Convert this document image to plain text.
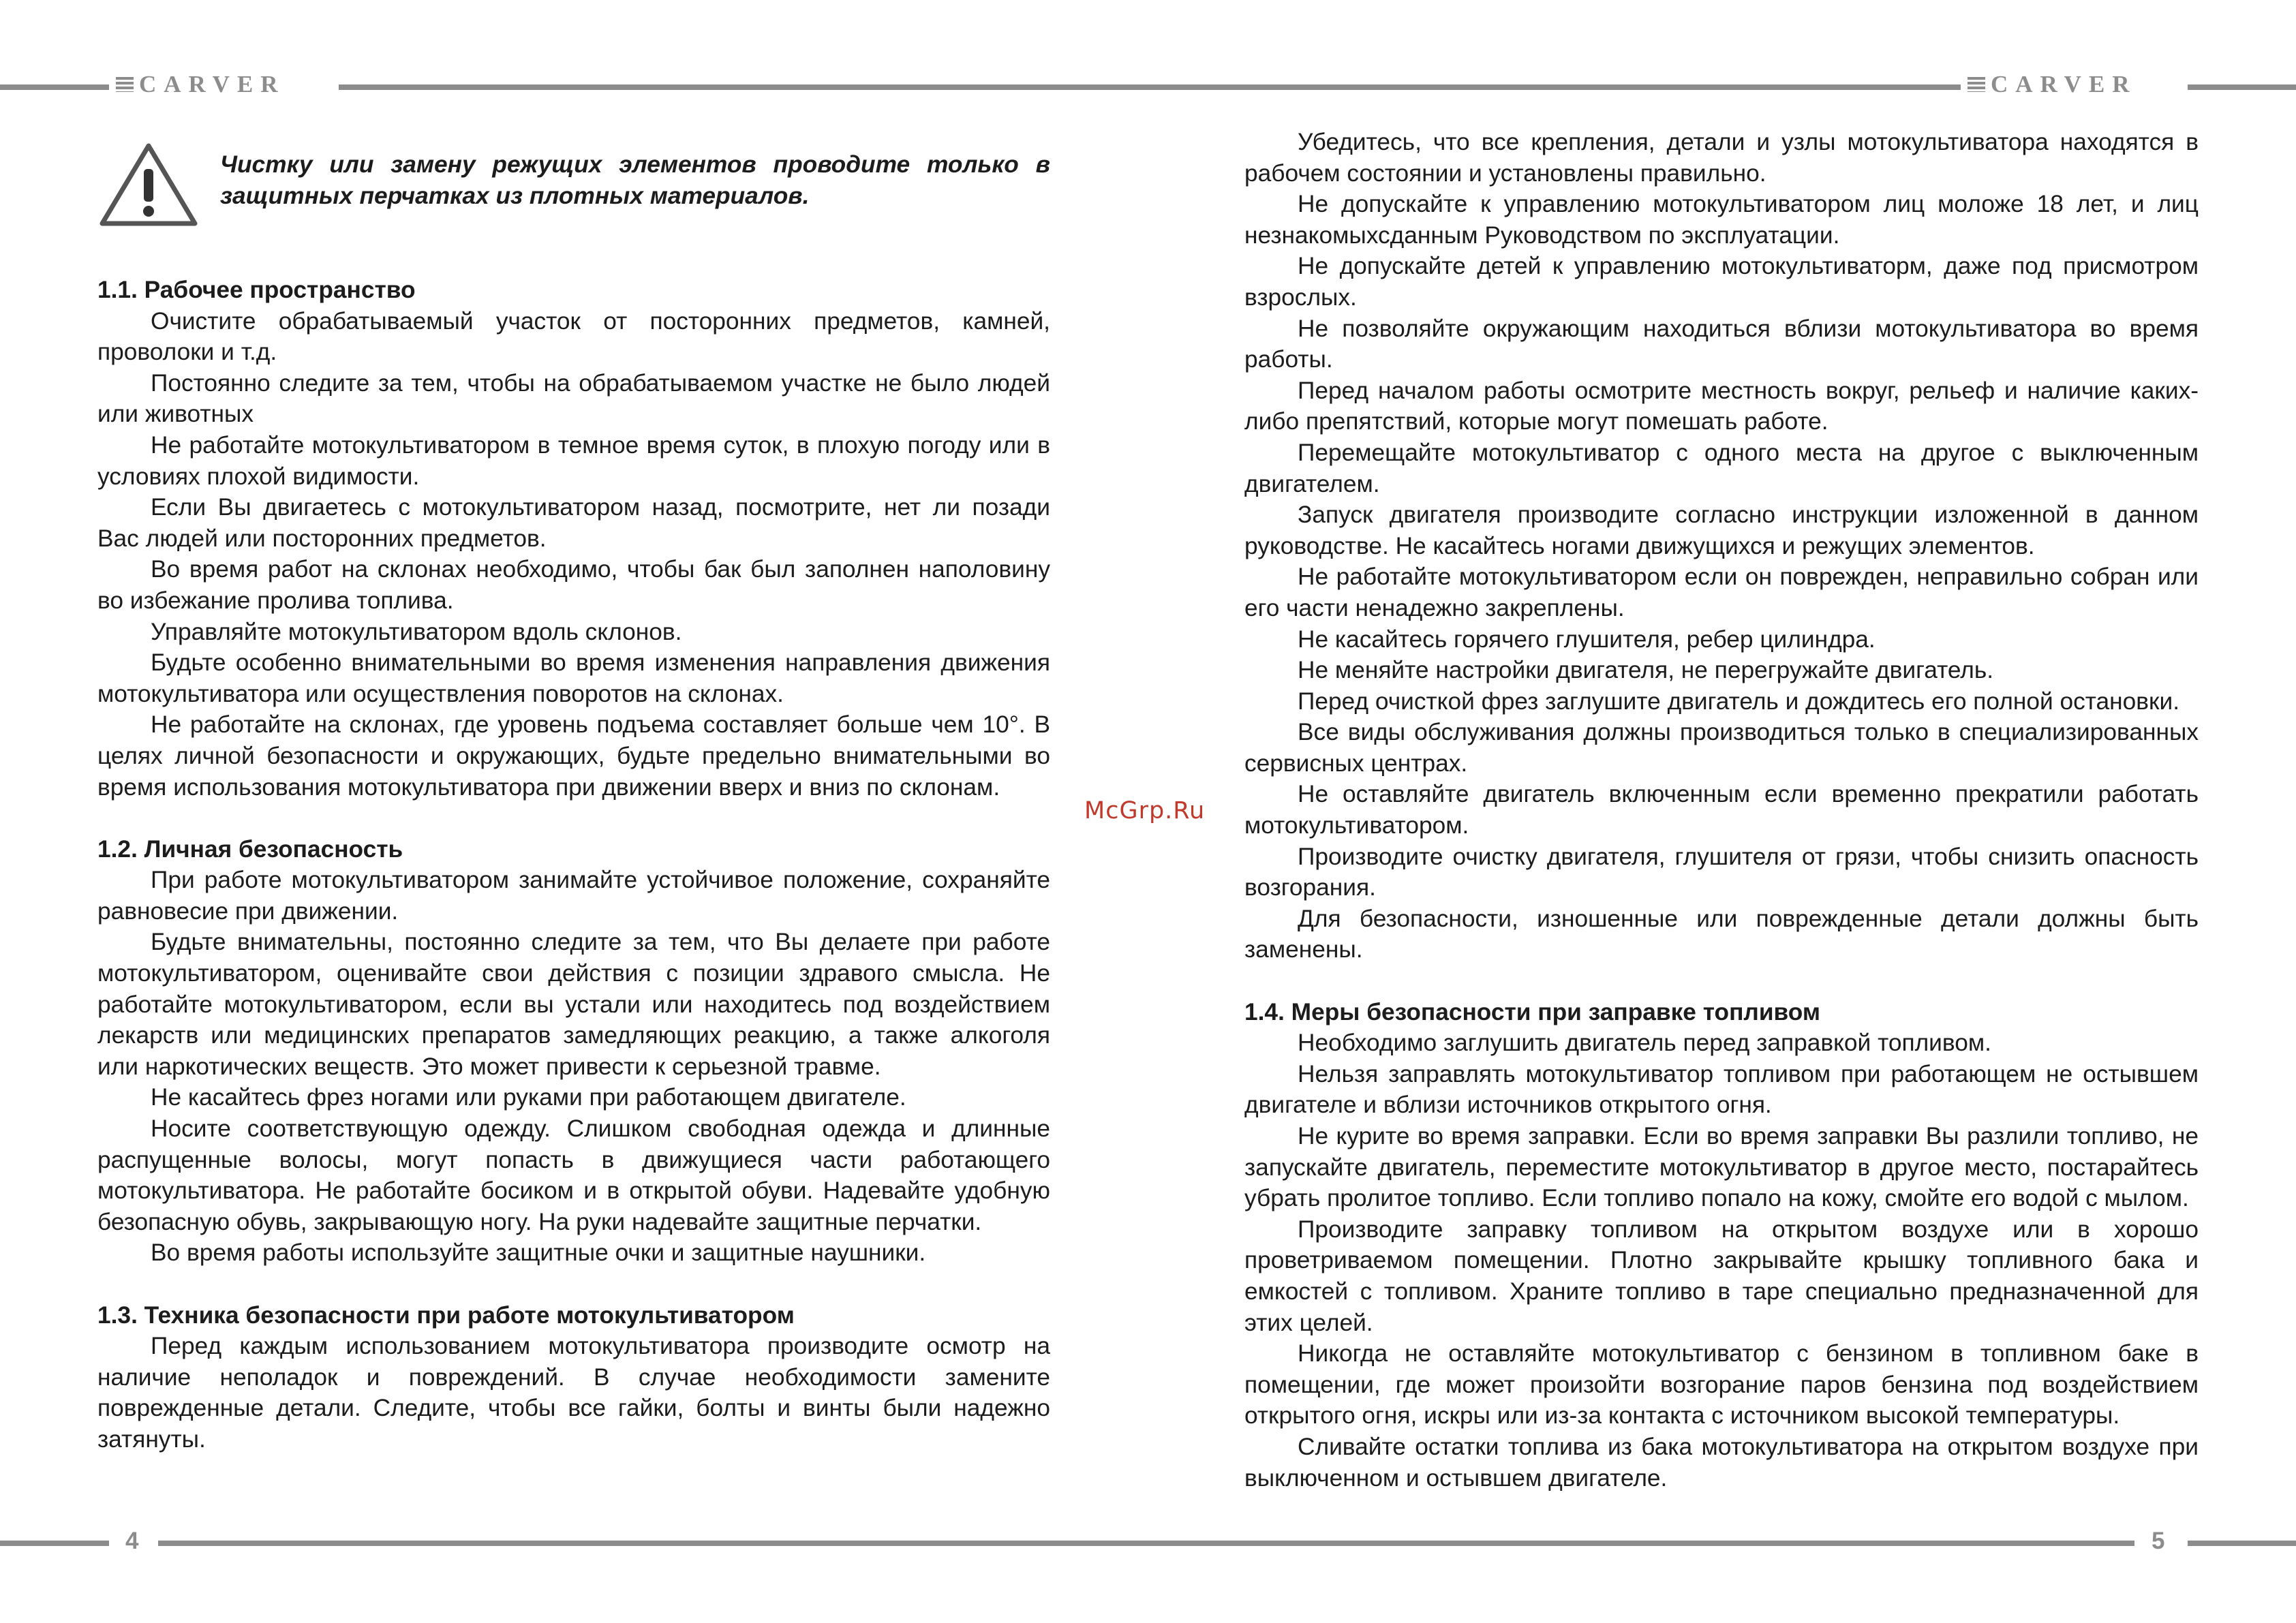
CARVER	CARVER
Чистку или замену режущих элементов проводите только в защитных перчатках из плотных материалов.
1.1. Рабочее пространство

Очистите обрабатываемый участок от посторонних предметов, камней, проволоки и т.д.

Постоянно следите за тем, чтобы на обрабатываемом участке не было людей или животных

Не работайте мотокультиватором в темное время суток, в плохую погоду или в условиях плохой видимости.

Если Вы двигаетесь с мотокультиватором назад, посмотрите, нет ли позади Вас людей или посторонних предметов.

Во время работ на склонах необходимо, чтобы бак был заполнен наполовину во избежание пролива топлива.

Управляйте мотокультиватором вдоль склонов.

Будьте особенно внимательными во время изменения направления движения мотокультиватора или осуществления поворотов на склонах.

Не работайте на склонах, где уровень подъема составляет больше чем 10°. В целях личной безопасности и окружающих, будьте предельно внимательными во время использования мотокультиватора при движении вверх и вниз по склонам.

1.2. Личная безопасность

При работе мотокультиватором занимайте устойчивое положение, сохраняйте равновесие при движении.

Будьте внимательны, постоянно следите за тем, что Вы делаете при работе мотокультиватором, оценивайте свои действия с позиции здравого смысла. Не работайте мотокультиватором, если вы устали или находитесь под воздействием лекарств или медицинских препаратов замедляющих реакцию, а также алкоголя или наркотических веществ. Это может привести к серьезной травме.

Не касайтесь фрез ногами или руками при работающем двигателе.

Носите соответствующую одежду. Слишком свободная одежда и длинные распущенные волосы, могут попасть в движущиеся части работающего мотокультиватора. Не работайте босиком и в открытой обуви. Надевайте удобную безопасную обувь, закрывающую ногу. На руки надевайте защитные перчатки.

Во время работы используйте защитные очки и защитные наушники.

1.3. Техника безопасности при работе мотокультиватором

Перед каждым использованием мотокультиватора производите осмотр на наличие неполадок и повреждений. В случае необходимости замените поврежденные детали. Следите, чтобы все гайки, болты и винты были надежно затянуты.

Убедитесь, что все крепления, детали и узлы мотокультиватора находятся в рабочем состоянии и установлены правильно.

Не допускайте к управлению мотокультиватором лиц моложе 18 лет, и лиц незнакомыхсданным Руководством по эксплуатации.

Не допускайте детей к управлению мотокультиваторм, даже под присмотром взрослых.

Не позволяйте окружающим находиться вблизи мотокультиватора во время работы.

Перед началом работы осмотрите местность вокруг, рельеф и наличие каких-либо препятствий, которые могут помешать работе.

Перемещайте мотокультиватор с одного места на другое с выключенным двигателем.

Запуск двигателя производите согласно инструкции изложенной в данном руководстве. Не касайтесь ногами движущихся и режущих элементов.

Не работайте мотокультиватором если он поврежден, неправильно собран или его части ненадежно закреплены.

Не касайтесь горячего глушителя, ребер цилиндра.

Не меняйте настройки двигателя, не перегружайте двигатель.

Перед очисткой фрез заглушите двигатель и дождитесь его полной остановки.

Все виды обслуживания должны производиться только в специализированных сервисных центрах.

Не оставляйте двигатель включенным если временно прекратили работать мотокультиватором.

Производите очистку двигателя, глушителя от грязи, чтобы снизить опасность возгорания.

Для безопасности, изношенные или поврежденные детали должны быть заменены.

1.4. Меры безопасности при заправке топливом

Необходимо заглушить двигатель перед заправкой топливом.

Нельзя заправлять мотокультиватор топливом при работающем не остывшем двигателе и вблизи источников открытого огня.

Не курите во время заправки. Если во время заправки Вы разлили топливо, не запускайте двигатель, переместите мотокультиватор в другое место, постарайтесь убрать пролитое топливо. Если топливо попало на кожу, смойте его водой с мылом.

Производите заправку топливом на открытом воздухе или в хорошо проветриваемом помещении. Плотно закрывайте крышку топливного бака и емкостей с топливом. Храните топливо в таре специально предназначенной для этих целей.

Никогда не оставляйте мотокультиватор с бензином в топливном баке в помещении, где может произойти возгорание паров бензина под воздействием открытого огня, искры или из-за контакта с источником высокой температуры.

Сливайте остатки топлива из бака мотокультиватора на открытом воздухе при выключенном и остывшем двигателе.

McGrp.Ru
4	5
